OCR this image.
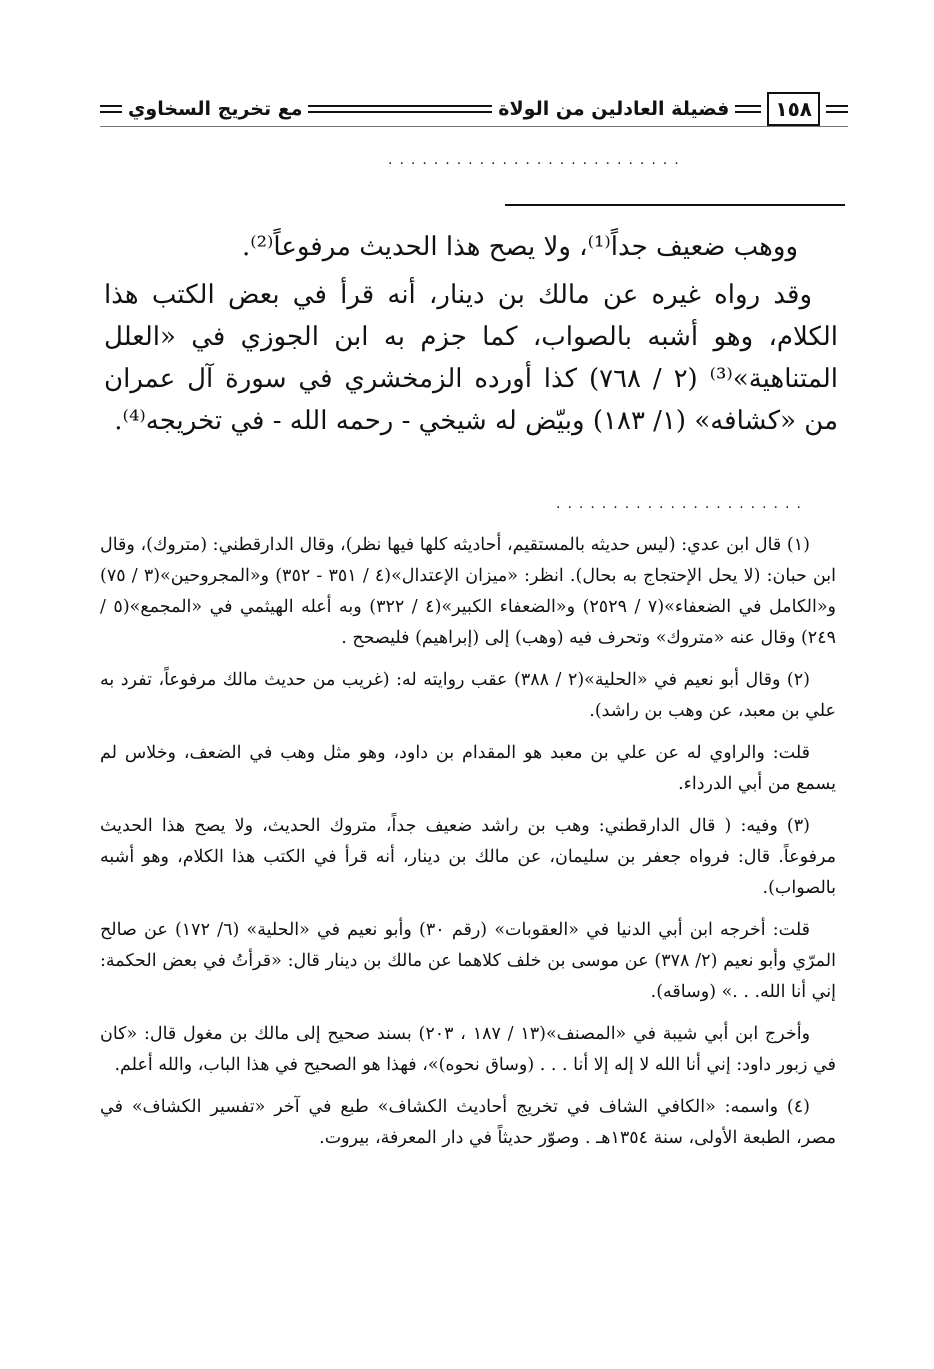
١٥٨
فضيلة العادلين من الولاة
مع تخريج السخاوي
..........................

ووهب ضعيف جداً⁽¹⁾، ولا يصح هذا الحديث مرفوعاً⁽²⁾.

وقد رواه غيره عن مالك بن دينار، أنه قرأ في بعض الكتب هذا الكلام، وهو أشبه بالصواب، كما جزم به ابن الجوزي في «العلل المتناهية»⁽³⁾ (٢ / ٧٦٨) كذا أورده الزمخشري في سورة آل عمران من «كشافه» (١/ ١٨٣) وبيّض له شيخي - رحمه الله - في تخريجه⁽⁴⁾.

......................

(١) قال ابن عدي: (ليس حديثه بالمستقيم، أحاديثه كلها فيها نظر)، وقال الدارقطني: (متروك)، وقال ابن حبان: (لا يحل الإحتجاج به بحال). انظر: «ميزان الإعتدال»(٤ / ٣٥١ - ٣٥٢) و«المجروحين»(٣ / ٧٥) و«الكامل في الضعفاء»(٧ / ٢٥٢٩) و«الضعفاء الكبير»(٤ / ٣٢٢) وبه أعله الهيثمي في «المجمع»(٥ / ٢٤٩) وقال عنه «متروك» وتحرف فيه (وهب) إلى (إبراهيم) فليصحح .

(٢) وقال أبو نعيم في «الحلية»(٢ / ٣٨٨) عقب روايته له: (غريب من حديث مالك مرفوعاً، تفرد به علي بن معبد، عن وهب بن راشد).

قلت: والراوي له عن علي بن معبد هو المقدام بن داود، وهو مثل وهب في الضعف، وخلاس لم يسمع من أبي الدرداء.

(٣) وفيه: ( قال الدارقطني: وهب بن راشد ضعيف جداً، متروك الحديث، ولا يصح هذا الحديث مرفوعاً. قال: فرواه جعفر بن سليمان، عن مالك بن دينار، أنه قرأ في الكتب هذا الكلام، وهو أشبه بالصواب).

قلت: أخرجه ابن أبي الدنيا في «العقوبات» (رقم ٣٠) وأبو نعيم في «الحلية» (٦/ ١٧٢) عن صالح المرّي وأبو نعيم (٢/ ٣٧٨) عن موسى بن خلف كلاهما عن مالك بن دينار قال: «قرأتُ في بعض الحكمة: إني أنا الله. . .» (وساقه).

وأخرج ابن أبي شيبة في «المصنف»(١٣ / ١٨٧ ، ٢٠٣) بسند صحيح إلى مالك بن مغول قال: «كان في زبور داود: إني أنا الله لا إله إلا أنا . . . (وساق نحوه)»، فهذا هو الصحيح في هذا الباب، والله أعلم.

(٤) واسمه: «الكافي الشاف في تخريج أحاديث الكشاف» طبع في آخر «تفسير الكشاف» في مصر، الطبعة الأولى، سنة ١٣٥٤هـ . وصوّر حديثاً في دار المعرفة، بيروت.
